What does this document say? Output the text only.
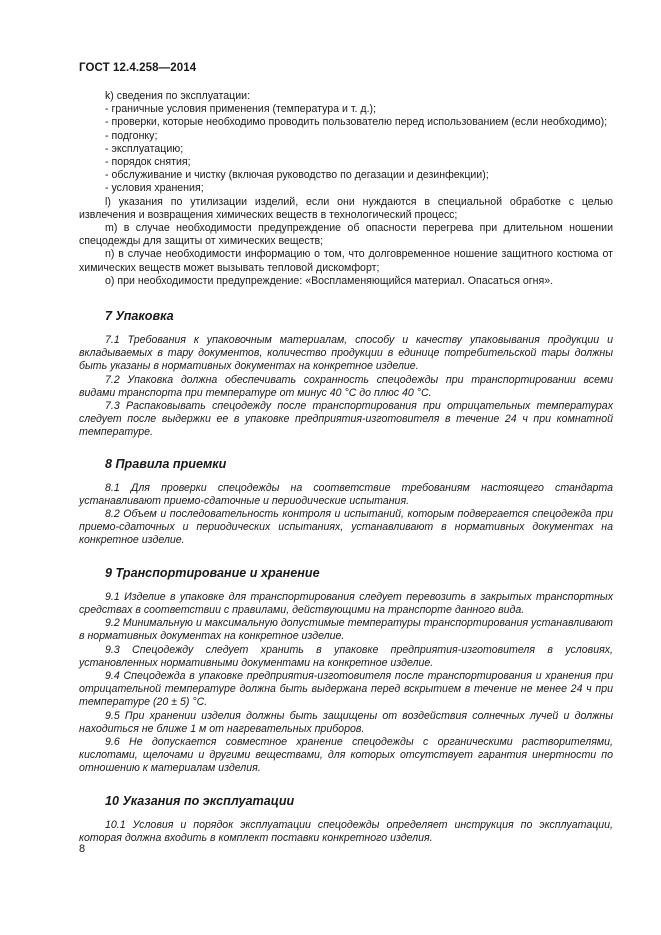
ГОСТ 12.4.258—2014

k) сведения по эксплуатации:

- граничные условия применения (температура и т. д.);

- проверки, которые необходимо проводить пользователю перед использованием (если необходимо);

- подгонку;

- эксплуатацию;

- порядок снятия;

- обслуживание и чистку (включая руководство по дегазации и дезинфекции);

- условия хранения;

l) указания по утилизации изделий, если они нуждаются в специальной обработке с целью извлечения и возвращения химических веществ в технологический процесс;

m) в случае необходимости предупреждение об опасности перегрева при длительном ношении спецодежды для защиты от химических веществ;

n) в случае необходимости информацию о том, что долговременное ношение защитного костюма от химических веществ может вызывать тепловой дискомфорт;

o) при необходимости предупреждение: «Воспламеняющийся материал. Опасаться огня».

7 Упаковка

7.1 Требования к упаковочным материалам, способу и качеству упаковывания продукции и вкладываемых в тару документов, количество продукции в единице потребительской тары должны быть указаны в нормативных документах на конкретное изделие.

7.2 Упаковка должна обеспечивать сохранность спецодежды при транспортировании всеми видами транспорта при температуре от минус 40 °С до плюс 40 °С.

7.3 Распаковывать спецодежду после транспортирования при отрицательных температурах следует после выдержки ее в упаковке предприятия-изготовителя в течение 24 ч при комнатной температуре.

8 Правила приемки

8.1 Для проверки спецодежды на соответствие требованиям настоящего стандарта устанавливают приемо-сдаточные и периодические испытания.

8.2 Объем и последовательность контроля и испытаний, которым подвергается спецодежда при приемо-сдаточных и периодических испытаниях, устанавливают в нормативных документах на конкретное изделие.

9 Транспортирование и хранение

9.1 Изделие в упаковке для транспортирования следует перевозить в закрытых транспортных средствах в соответствии с правилами, действующими на транспорте данного вида.

9.2 Минимальную и максимальную допустимые температуры транспортирования устанавливают в нормативных документах на конкретное изделие.

9.3 Спецодежду следует хранить в упаковке предприятия-изготовителя в условиях, установленных нормативными документами на конкретное изделие.

9.4 Спецодежда в упаковке предприятия-изготовителя после транспортирования и хранения при отрицательной температуре должна быть выдержана перед вскрытием в течение не менее 24 ч при температуре (20 ± 5) °С.

9.5 При хранении изделия должны быть защищены от воздействия солнечных лучей и должны находиться не ближе 1 м от нагревательных приборов.

9.6 Не допускается совместное хранение спецодежды с органическими растворителями, кислотами, щелочами и другими веществами, для которых отсутствует гарантия инертности по отношению к материалам изделия.

10 Указания по эксплуатации

10.1 Условия и порядок эксплуатации спецодежды определяет инструкция по эксплуатации, которая должна входить в комплект поставки конкретного изделия.

8
